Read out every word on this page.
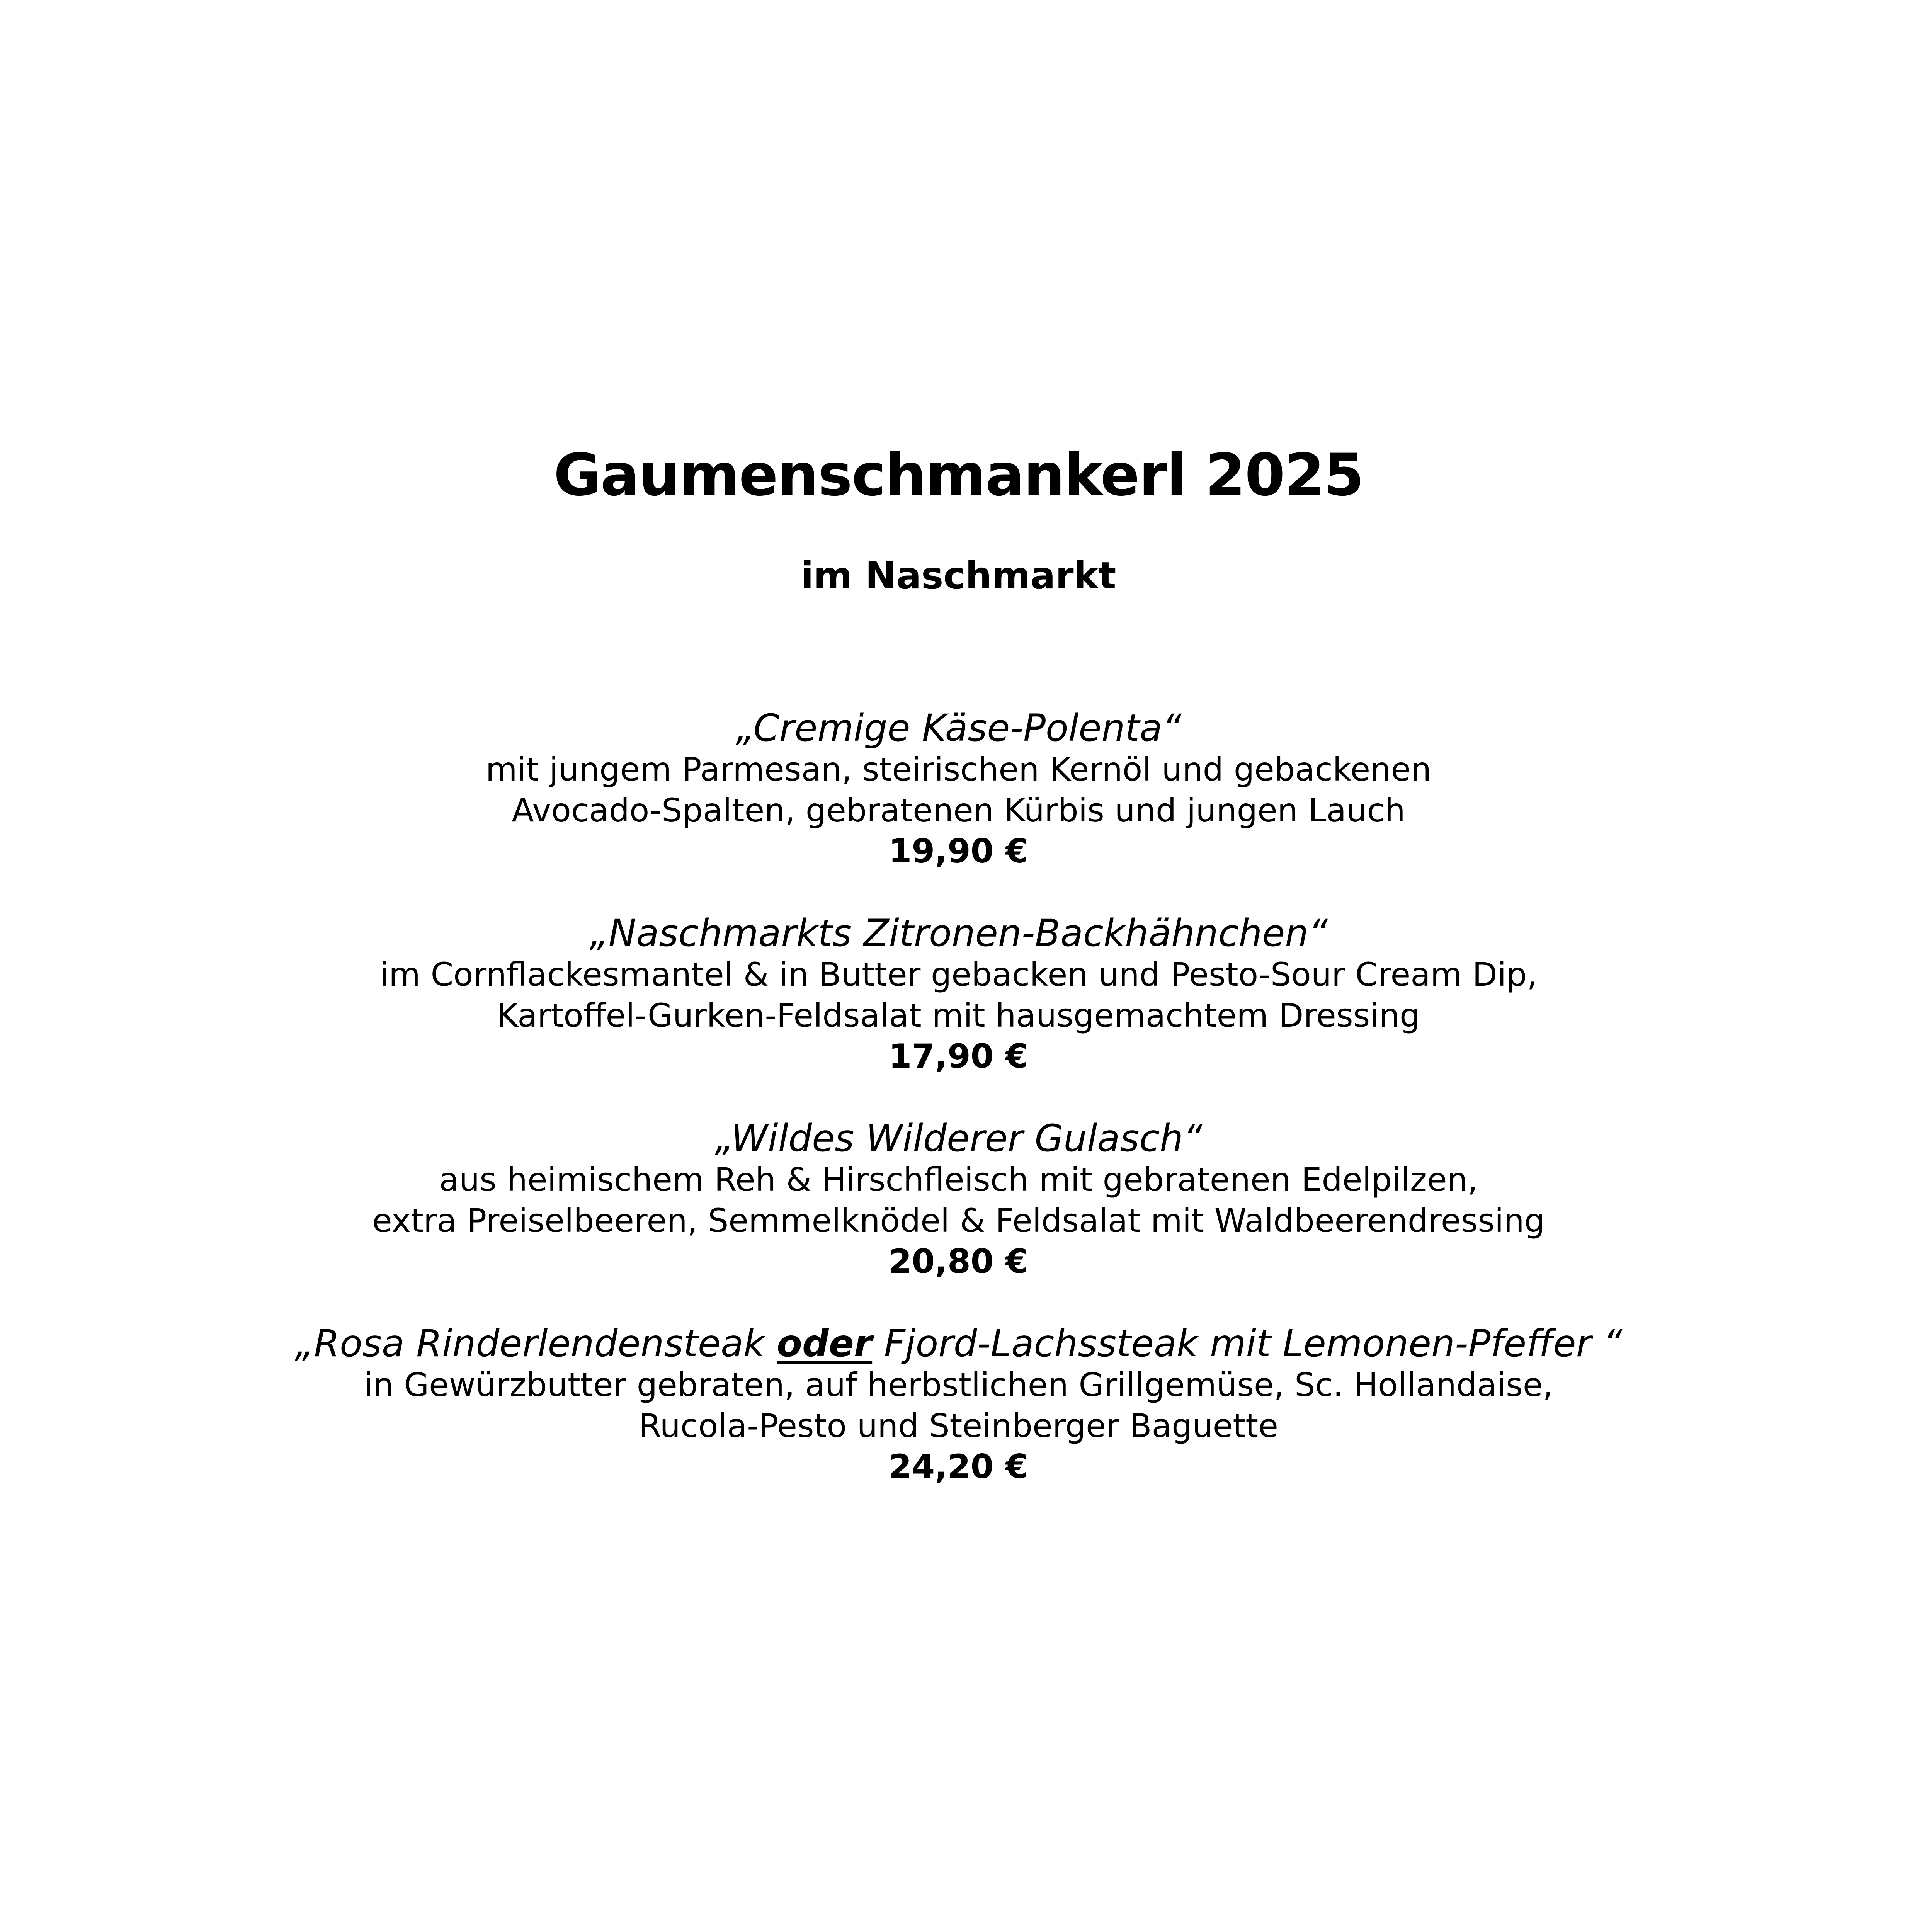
Gaumenschmankerl 2025
im Naschmarkt
„Cremige Käse-Polenta“
mit jungem Parmesan, steirischen Kernöl und gebackenen
Avocado-Spalten, gebratenen Kürbis und jungen Lauch
19,90 €
„Naschmarkts Zitronen-Backhähnchen“
im Cornflackesmantel & in Butter gebacken und Pesto-Sour Cream Dip,
Kartoffel-Gurken-Feldsalat mit hausgemachtem Dressing
17,90 €
„Wildes Wilderer Gulasch“
aus heimischem Reh & Hirschfleisch mit gebratenen Edelpilzen,
extra Preiselbeeren, Semmelknödel & Feldsalat mit Waldbeerendressing
20,80 €
„Rosa Rinderlendensteak oder Fjord-Lachssteak mit Lemonen-Pfeffer “
in Gewürzbutter gebraten, auf herbstlichen Grillgemüse, Sc. Hollandaise,
Rucola-Pesto und Steinberger Baguette
24,20 €
